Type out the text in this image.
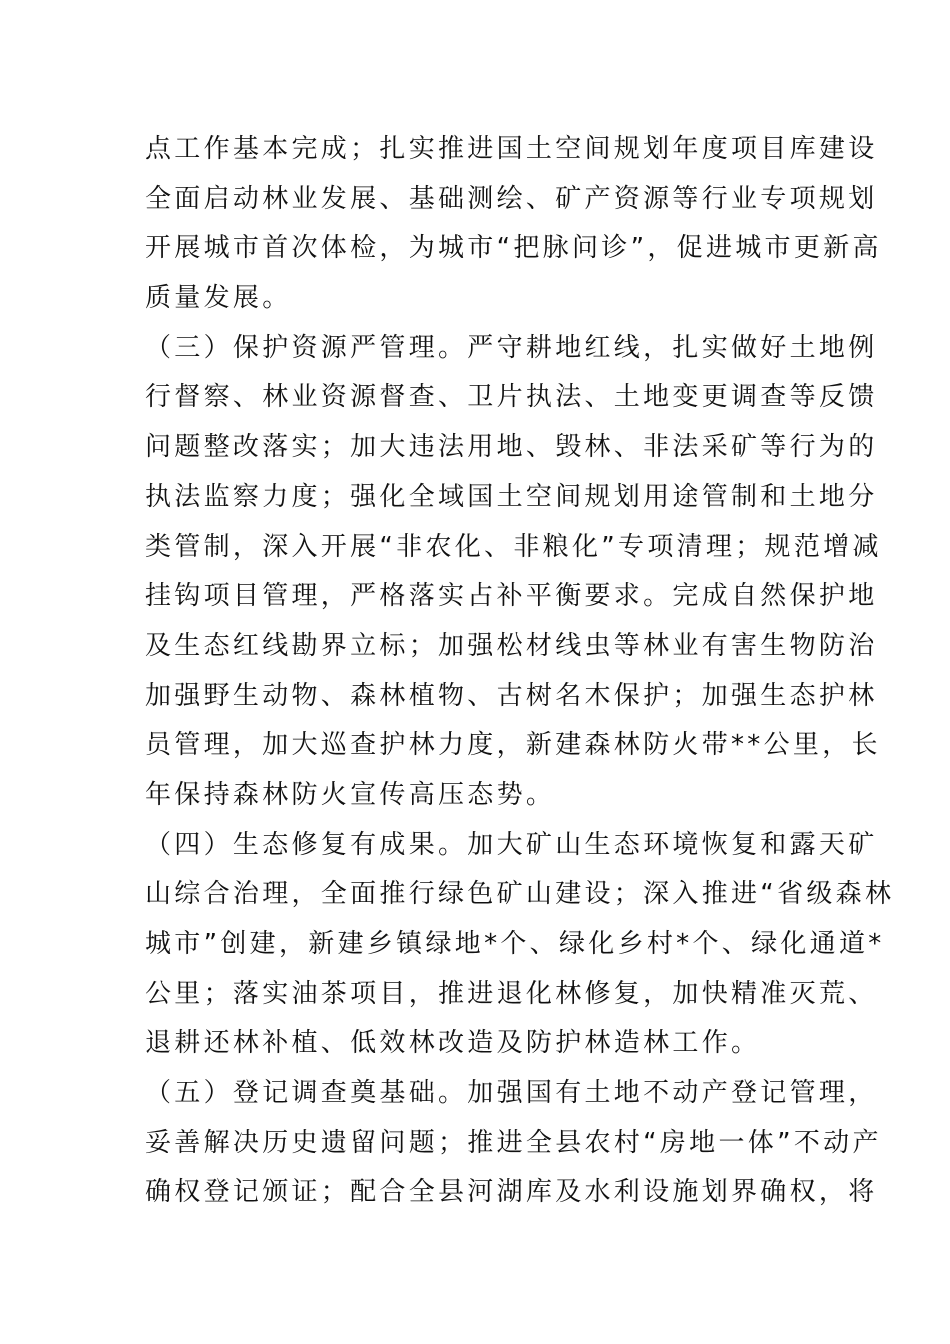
点工作基本完成；扎实推进国土空间规划年度项目库建设
全面启动林业发展、基础测绘、矿产资源等行业专项规划
开展城市首次体检，为城市“把脉问诊”，促进城市更新高
质量发展。
（三）保护资源严管理。严守耕地红线，扎实做好土地例
行督察、林业资源督查、卫片执法、土地变更调查等反馈
问题整改落实；加大违法用地、毁林、非法采矿等行为的
执法监察力度；强化全域国土空间规划用途管制和土地分
类管制，深入开展“非农化、非粮化”专项清理；规范增减
挂钩项目管理，严格落实占补平衡要求。完成自然保护地
及生态红线勘界立标；加强松材线虫等林业有害生物防治
加强野生动物、森林植物、古树名木保护；加强生态护林
员管理，加大巡查护林力度，新建森林防火带**公里，长
年保持森林防火宣传高压态势。
（四）生态修复有成果。加大矿山生态环境恢复和露天矿
山综合治理，全面推行绿色矿山建设；深入推进“省级森林
城市”创建，新建乡镇绿地*个、绿化乡村*个、绿化通道*
公里；落实油茶项目，推进退化林修复，加快精准灭荒、
退耕还林补植、低效林改造及防护林造林工作。
（五）登记调查奠基础。加强国有土地不动产登记管理，
妥善解决历史遗留问题；推进全县农村“房地一体”不动产
确权登记颁证；配合全县河湖库及水利设施划界确权，将
